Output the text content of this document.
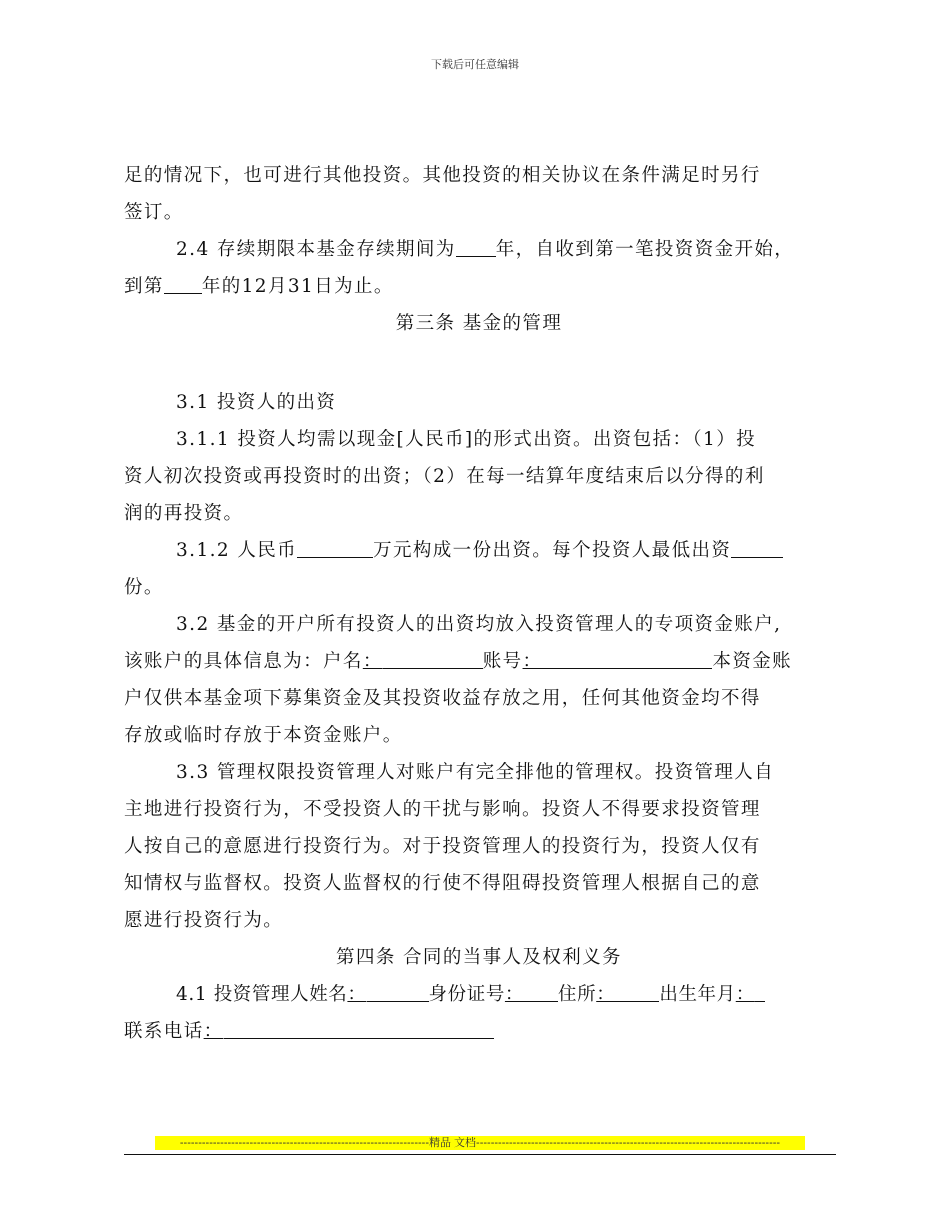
下载后可任意编辑
足的情况下，也可进行其他投资。其他投资的相关协议在条件满足时另行
签订。
2.4 存续期限本基金存续期间为 年，自收到第一笔投资资金开始，
到第 年的12月31日为止。
第三条 基金的管理
3.1 投资人的出资
3.1.1 投资人均需以现金[人民币]的形式出资。出资包括：（1）投
资人初次投资或再投资时的出资；（2）在每一结算年度结束后以分得的利
润的再投资。
3.1.2 人民币	万元构成一份出资。每个投资人最低出资
份。
3.2 基金的开户所有投资人的出资均放入投资管理人的专项资金账户,
该账户的具体信息为：户名：	账号：	本资金账
户仅供本基金项下募集资金及其投资收益存放之用，任何其他资金均不得
存放或临时存放于本资金账户。
3.3 管理权限投资管理人对账户有完全排他的管理权。投资管理人自
主地进行投资行为，不受投资人的干扰与影响。投资人不得要求投资管理
人按自己的意愿进行投资行为。对于投资管理人的投资行为，投资人仅有
知情权与监督权。投资人监督权的行使不得阻碍投资管理人根据自己的意
愿进行投资行为。
第四条 合同的当事人及权利义务
4.1 投资管理人姓名：	身份证号： 住所： 出生年月：
联系电话：
--------------------------------------------------------------------精品 文档-----------------------------------------------------------------------------------
